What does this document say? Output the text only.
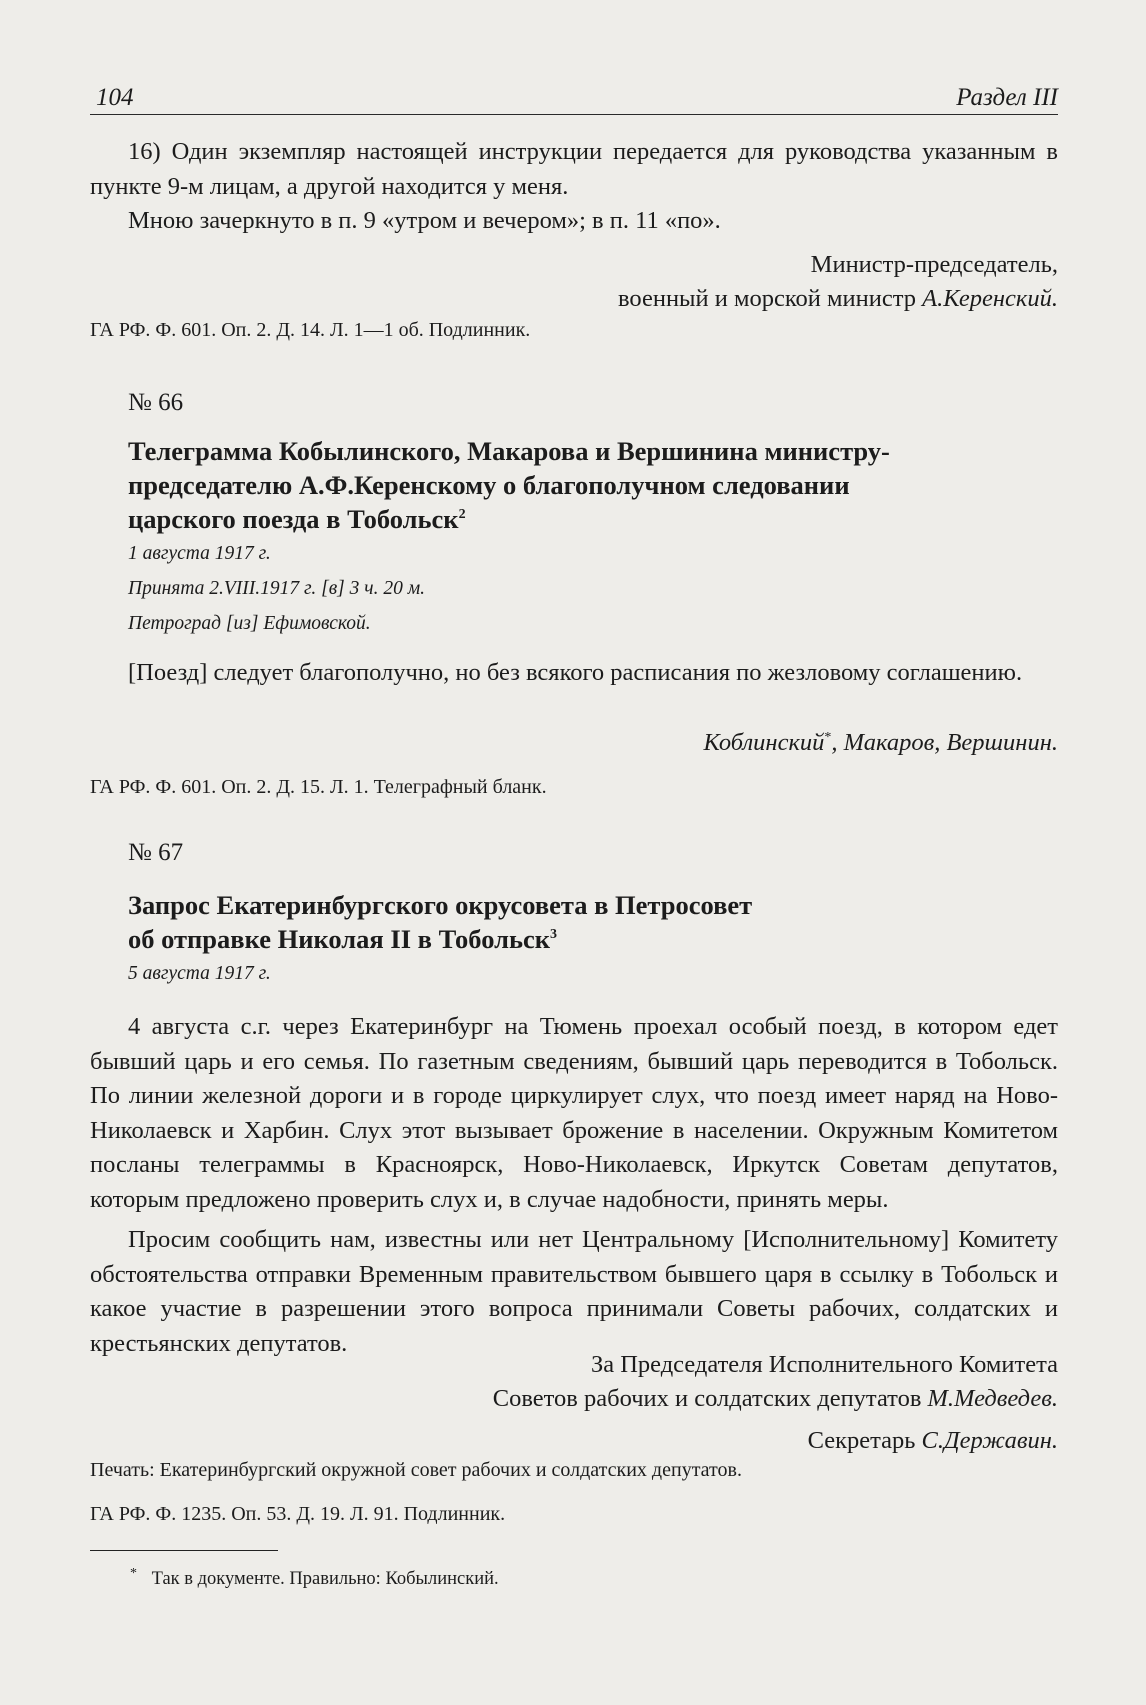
104	Раздел III

16) Один экземпляр настоящей инструкции передается для руководства указанным в пункте 9-м лицам, а другой находится у меня.

Мною зачеркнуто в п. 9 «утром и вечером»; в п. 11 «по».

Министр-председатель,
военный и морской министр А.Керенский.
ГА РФ. Ф. 601. Оп. 2. Д. 14. Л. 1—1 об. Подлинник.
№ 66
Телеграмма Кобылинского, Макарова и Вершинина министру-
председателю А.Ф.Керенскому о благополучном следовании
царского поезда в Тобольск$^2$
1 августа 1917 г.
Принята 2.VIII.1917 г. [в] 3 ч. 20 м.
Петроград [из] Ефимовской.

[Поезд] следует благополучно, но без всякого расписания по жезловому соглашению.

Коблинский*, Макаров, Вершинин.
ГА РФ. Ф. 601. Оп. 2. Д. 15. Л. 1. Телеграфный бланк.
№ 67
Запрос Екатеринбургского окрусовета в Петросовет
об отправке Николая II в Тобольск$^3$
5 августа 1917 г.

4 августа с.г. через Екатеринбург на Тюмень проехал особый поезд, в котором едет бывший царь и его семья. По газетным сведениям, бывший царь переводится в Тобольск. По линии железной дороги и в городе циркулирует слух, что поезд имеет наряд на Ново-Николаевск и Харбин. Слух этот вызывает брожение в населении. Окружным Комитетом посланы телеграммы в Красноярск, Ново-Николаевск, Иркутск Советам депутатов, которым предложено проверить слух и, в случае надобности, принять меры.

Просим сообщить нам, известны или нет Центральному [Исполнительному] Комитету обстоятельства отправки Временным правительством бывшего царя в ссылку в Тобольск и какое участие в разрешении этого вопроса принимали Советы рабочих, солдатских и крестьянских депутатов.

За Председателя Исполнительного Комитета
Советов рабочих и солдатских депутатов М.Медведев.
Секретарь С.Державин.
Печать: Екатеринбургский окружной совет рабочих и солдатских депутатов.
ГА РФ. Ф. 1235. Оп. 53. Д. 19. Л. 91. Подлинник.
* Так в документе. Правильно: Кобылинский.
